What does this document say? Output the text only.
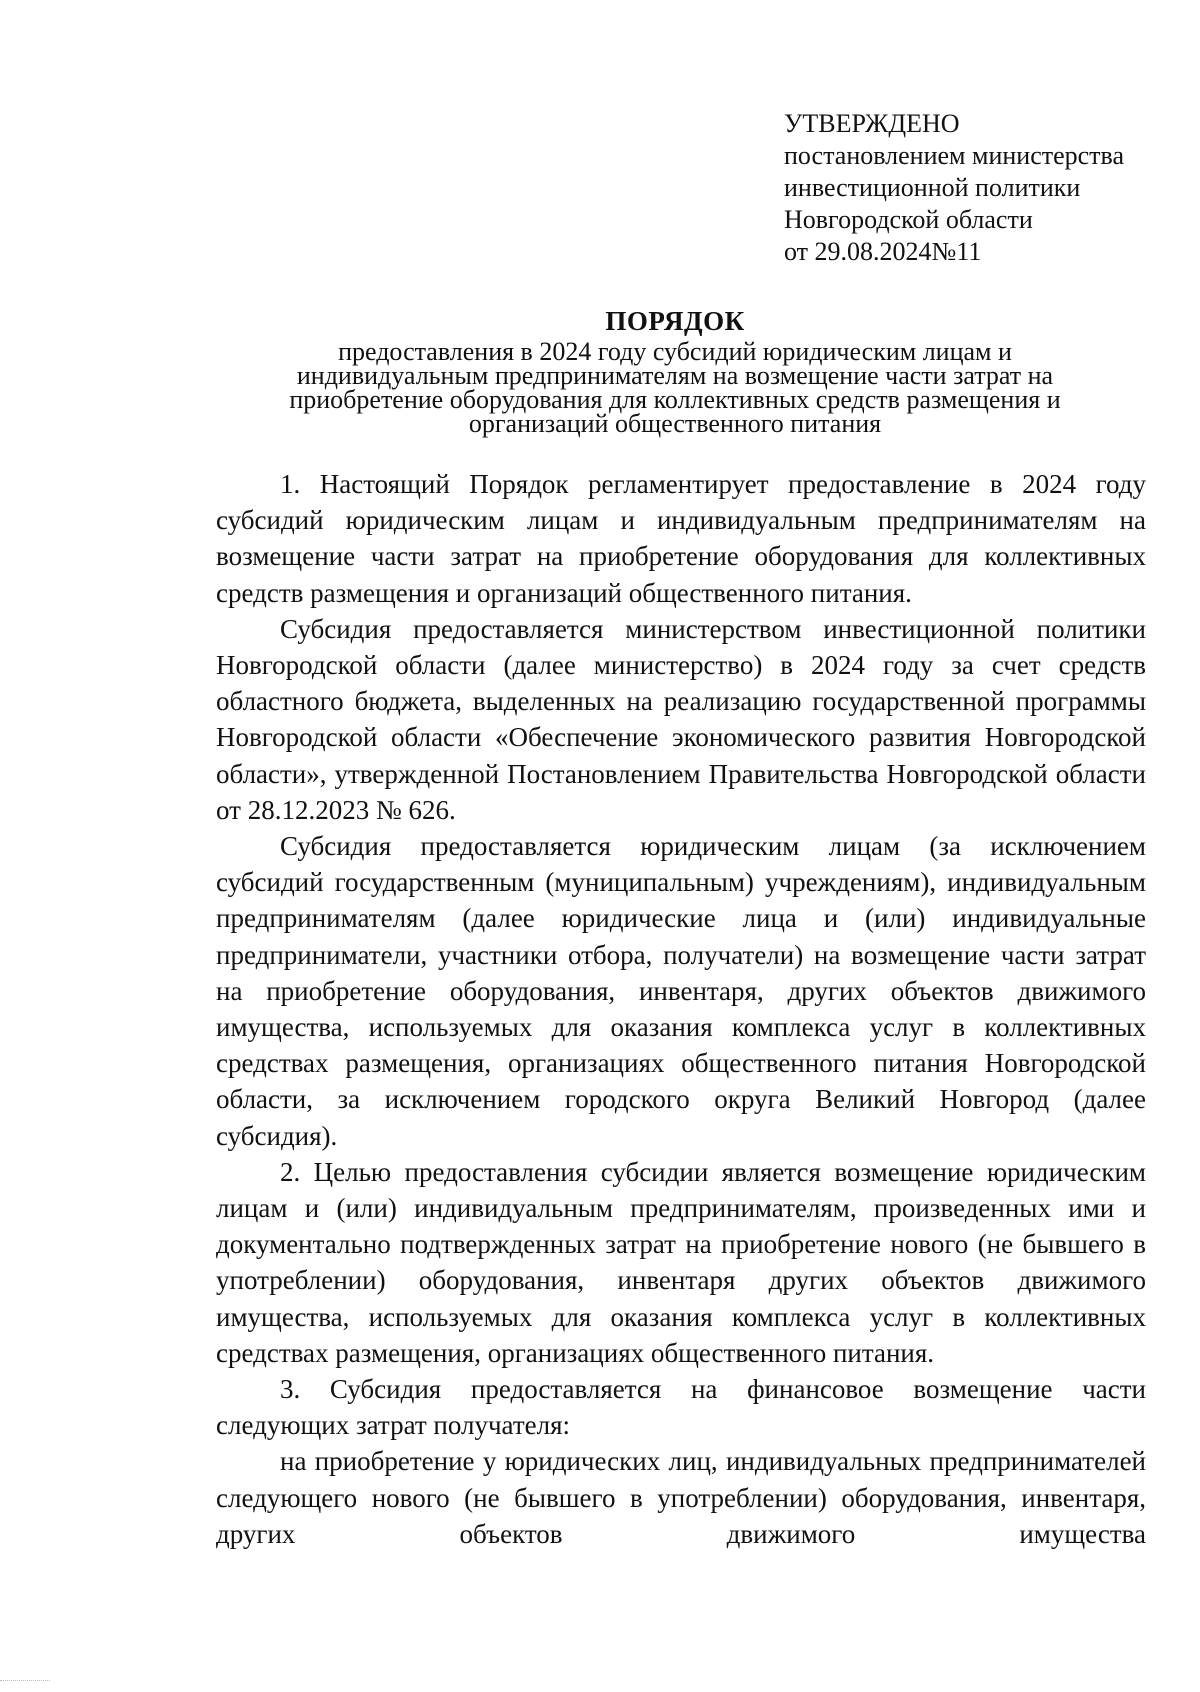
УТВЕРЖДЕНО
постановлением министерства
инвестиционной политики
Новгородской области
от 29.08.2024№11
ПОРЯДОК
предоставления в 2024 году субсидий юридическим лицам и
индивидуальным предпринимателям на возмещение части затрат на
приобретение оборудования для коллективных средств размещения и
организаций общественного питания

1. Настоящий Порядок регламентирует предоставление в 2024 году субсидий юридическим лицам и индивидуальным предпринимателям на возмещение части затрат на приобретение оборудования для коллективных средств размещения и организаций общественного питания.

Субсидия предоставляется министерством инвестиционной политики Новгородской области (далее министерство) в 2024 году за счет средств областного бюджета, выделенных на реализацию государственной программы Новгородской области «Обеспечение экономического развития Новгородской области», утвержденной Постановлением Правительства Новгородской области от 28.12.2023 № 626.

Субсидия предоставляется юридическим лицам (за исключением субсидий государственным (муниципальным) учреждениям), индивидуальным предпринимателям (далее юридические лица и (или) индивидуальные предприниматели, участники отбора, получатели) на возмещение части затрат на приобретение оборудования, инвентаря, других объектов движимого имущества, используемых для оказания комплекса услуг в коллективных средствах размещения, организациях общественного питания Новгородской области, за исключением городского округа Великий Новгород (далее субсидия).

2. Целью предоставления субсидии является возмещение юридическим лицам и (или) индивидуальным предпринимателям, произведенных ими и документально подтвержденных затрат на приобретение нового (не бывшего в употреблении) оборудования, инвентаря других объектов движимого имущества, используемых для оказания комплекса услуг в коллективных средствах размещения, организациях общественного питания.

3. Субсидия предоставляется на финансовое возмещение части следующих затрат получателя:

на приобретение у юридических лиц, индивидуальных предпринимателей следующего нового (не бывшего в употреблении) оборудования, инвентаря, других объектов движимого имущества
